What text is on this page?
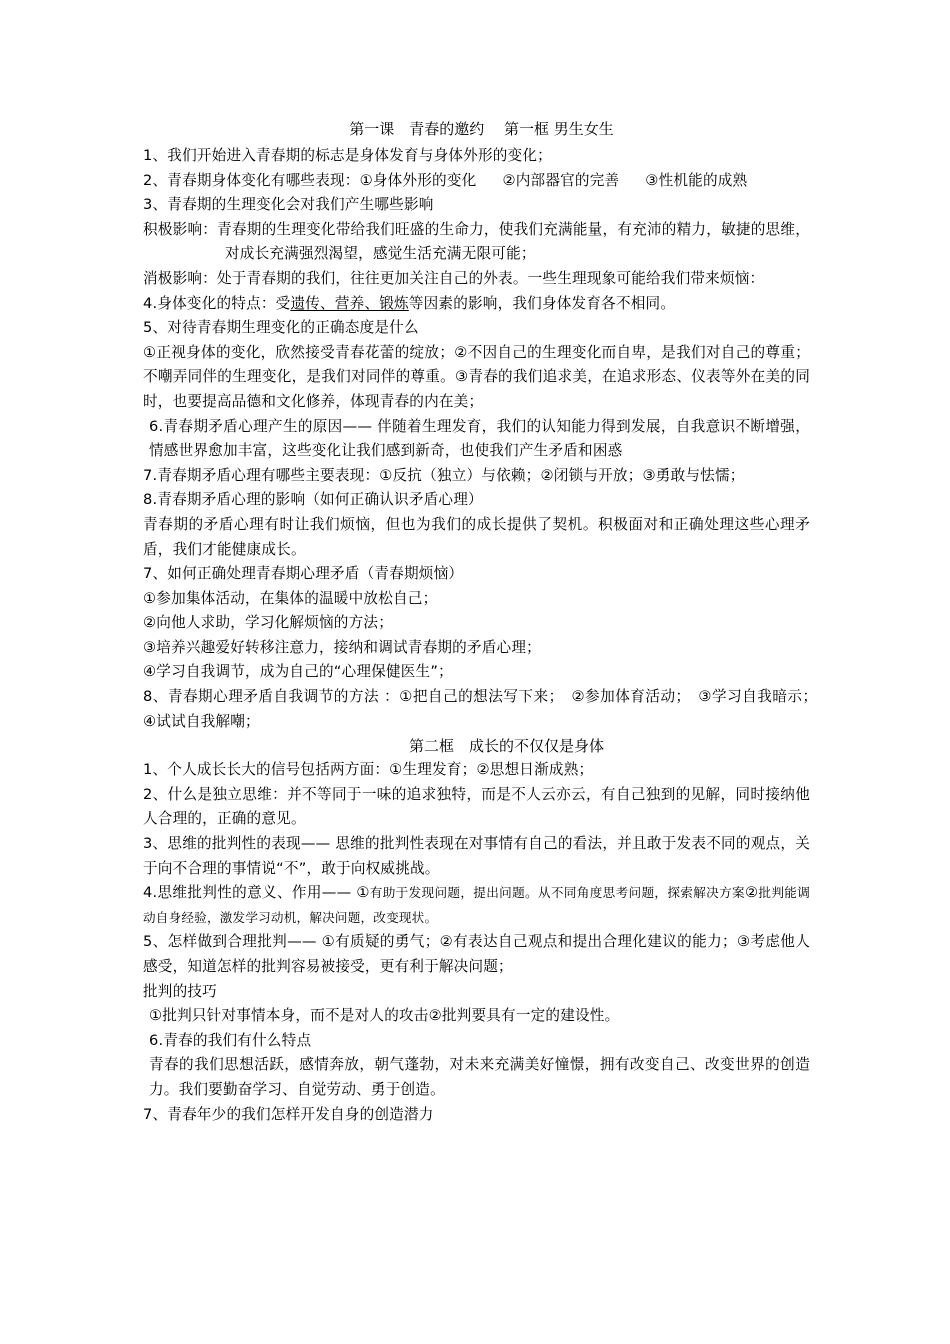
第一课　青春的邀约　 第一框 男生女生

1、我们开始进入青春期的标志是身体发育与身体外形的变化；

2、青春期身体变化有哪些表现：①身体外形的变化 ②内部器官的完善 ③性机能的成熟

3、青春期的生理变化会对我们产生哪些影响

积极影响：青春期的生理变化带给我们旺盛的生命力，使我们充满能量，有充沛的精力，敏捷的思维，对成长充满强烈渴望，感觉生活充满无限可能；

消极影响：处于青春期的我们，往往更加关注自己的外表。一些生理现象可能给我们带来烦恼：

4.身体变化的特点：受遗传、营养、锻炼等因素的影响，我们身体发育各不相同。

5、对待青春期生理变化的正确态度是什么

①正视身体的变化，欣然接受青春花蕾的绽放；②不因自己的生理变化而自卑，是我们对自己的尊重；不嘲弄同伴的生理变化，是我们对同伴的尊重。③青春的我们追求美，在追求形态、仪表等外在美的同时，也要提高品德和文化修养，体现青春的内在美；

6.青春期矛盾心理产生的原因—— 伴随着生理发育，我们的认知能力得到发展，自我意识不断增强，情感世界愈加丰富，这些变化让我们感到新奇，也使我们产生矛盾和困惑

7.青春期矛盾心理有哪些主要表现：①反抗（独立）与依赖；②闭锁与开放；③勇敢与怯懦；

8.青春期矛盾心理的影响（如何正确认识矛盾心理）

青春期的矛盾心理有时让我们烦恼，但也为我们的成长提供了契机。积极面对和正确处理这些心理矛盾，我们才能健康成长。

7、如何正确处理青春期心理矛盾（青春期烦恼）

①参加集体活动，在集体的温暖中放松自己；

②向他人求助，学习化解烦恼的方法；

③培养兴趣爱好转移注意力，接纳和调试青春期的矛盾心理；

④学习自我调节，成为自己的“心理保健医生”；

8、青春期心理矛盾自我调节的方法 ：①把自己的想法写下来；　②参加体育活动；　③学习自我暗示；　④试试自我解嘲；

第二框　成长的不仅仅是身体

1、个人成长长大的信号包括两方面：①生理发育；②思想日渐成熟；

2、什么是独立思维：并不等同于一味的追求独特，而是不人云亦云，有自己独到的见解，同时接纳他人合理的，正确的意见。

3、思维的批判性的表现—— 思维的批判性表现在对事情有自己的看法，并且敢于发表不同的观点，关于向不合理的事情说“不”，敢于向权威挑战。

4.思维批判性的意义、作用—— ①有助于发现问题，提出问题。从不同角度思考问题，探索解决方案②批判能调动自身经验，激发学习动机，解决问题，改变现状。

5、怎样做到合理批判—— ①有质疑的勇气；②有表达自己观点和提出合理化建议的能力；③考虑他人感受，知道怎样的批判容易被接受，更有利于解决问题；

批判的技巧

①批判只针对事情本身，而不是对人的攻击②批判要具有一定的建设性。

6.青春的我们有什么特点

青春的我们思想活跃，感情奔放，朝气蓬勃，对未来充满美好憧憬，拥有改变自己、改变世界的创造力。我们要勤奋学习、自觉劳动、勇于创造。

7、青春年少的我们怎样开发自身的创造潜力
